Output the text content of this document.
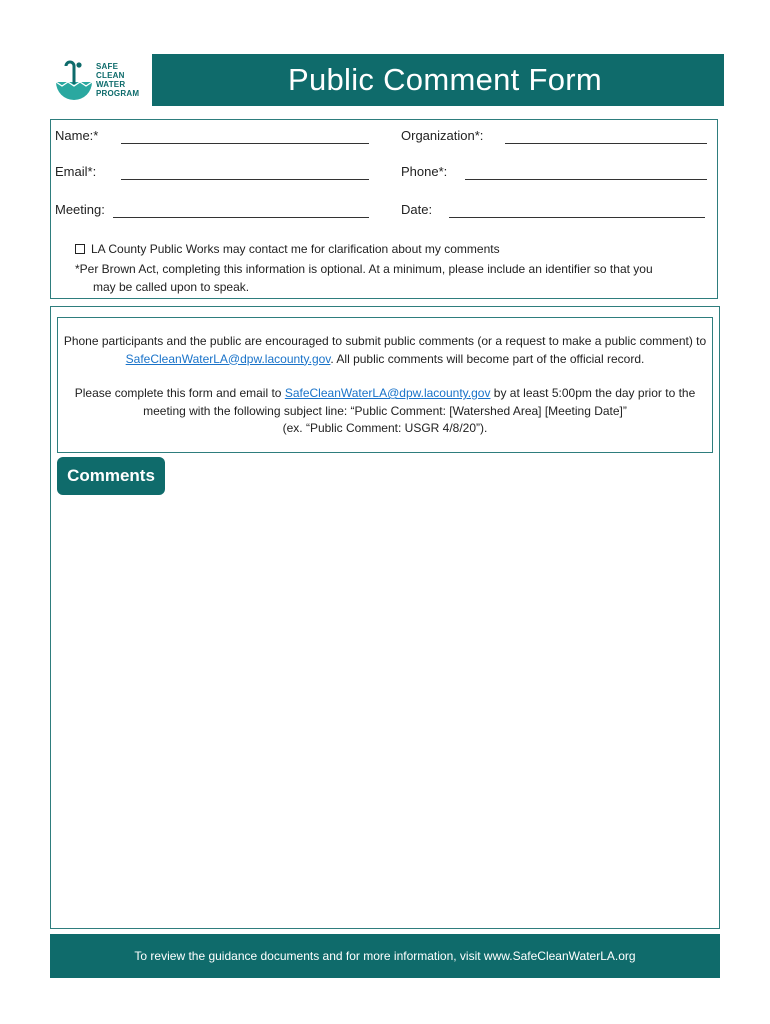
SAFE
CLEAN
WATER
PROGRAM	Public Comment Form
Name:*	Organization*:
Email*:	Phone*:
Meeting:	Date:
LA County Public Works may contact me for clarification about my comments
*Per Brown Act, completing this information is optional. At a minimum, please include an identifier so that you
may be called upon to speak.

Phone participants and the public are encouraged to submit public comments (or a request to make a public comment) to SafeCleanWaterLA@dpw.lacounty.gov. All public comments will become part of the official record.

Please complete this form and email to SafeCleanWaterLA@dpw.lacounty.gov by at least 5:00pm the day prior to the meeting with the following subject line: “Public Comment: [Watershed Area] [Meeting Date]”
(ex. “Public Comment: USGR 4/8/20”).

Comments
To review the guidance documents and for more information, visit www.SafeCleanWaterLA.org
